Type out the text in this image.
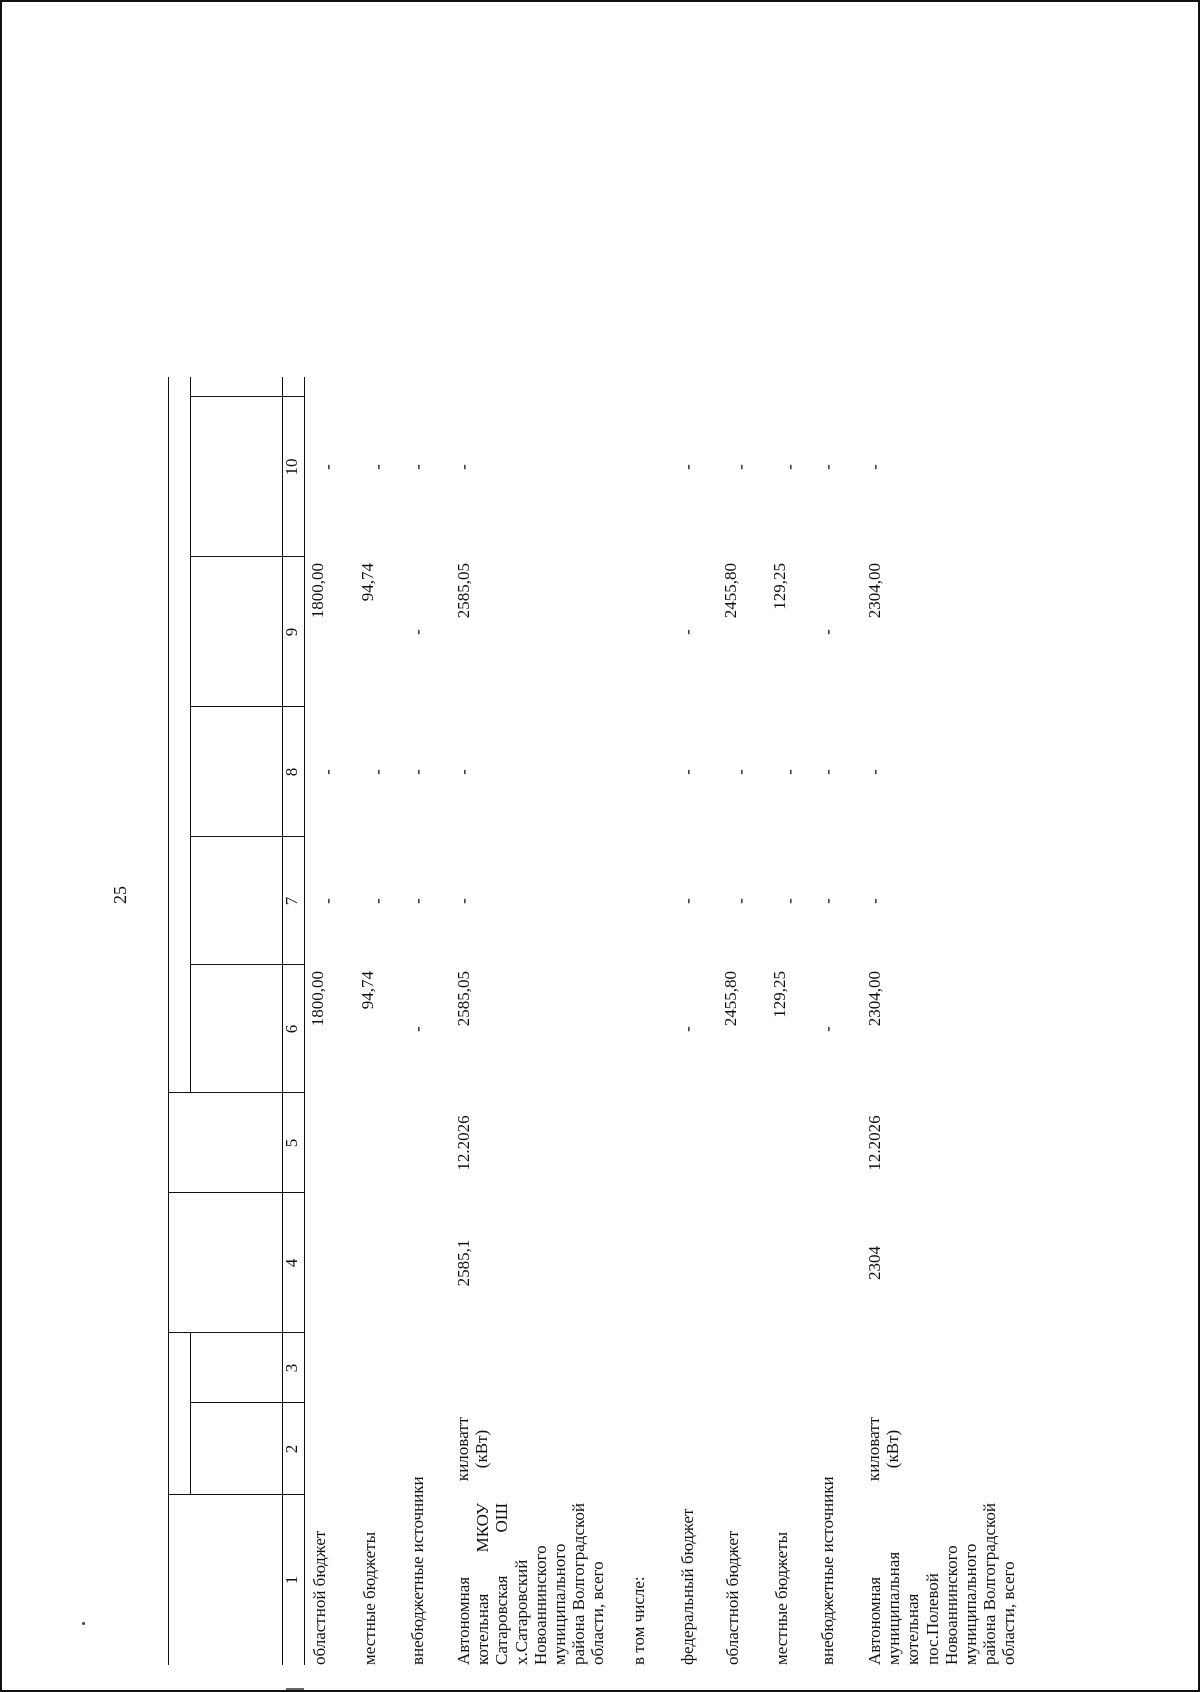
25
1
2
3
4
5
6
7
8
9
10
областной бюджет
1800,00
-
-
1800,00
-
местные бюджеты
94,74
-
-
94,74
-
внебюджетные источники
-
-
-
-
-
Автономная котельная МКОУ Сатаровская ОШ х.Сатаровский Новоаннинского муниципального района Волгоградской области, всего
киловатт (кВт)
2585,1
12.2026
2585,05
-
-
2585,05
-
в том числе: федеральный бюджет
-
-
-
-
-
областной бюджет
2455,80
-
-
2455,80
-
местные бюджеты
129,25
-
-
129,25
-
внебюджетные источники
-
-
-
-
-
Автономная муниципальная котельная пос.Полевой Новоаннинского муниципального района Волгоградской области, всего
киловатт (кВт)
2304
12.2026
2304,00
-
-
2304,00
-
